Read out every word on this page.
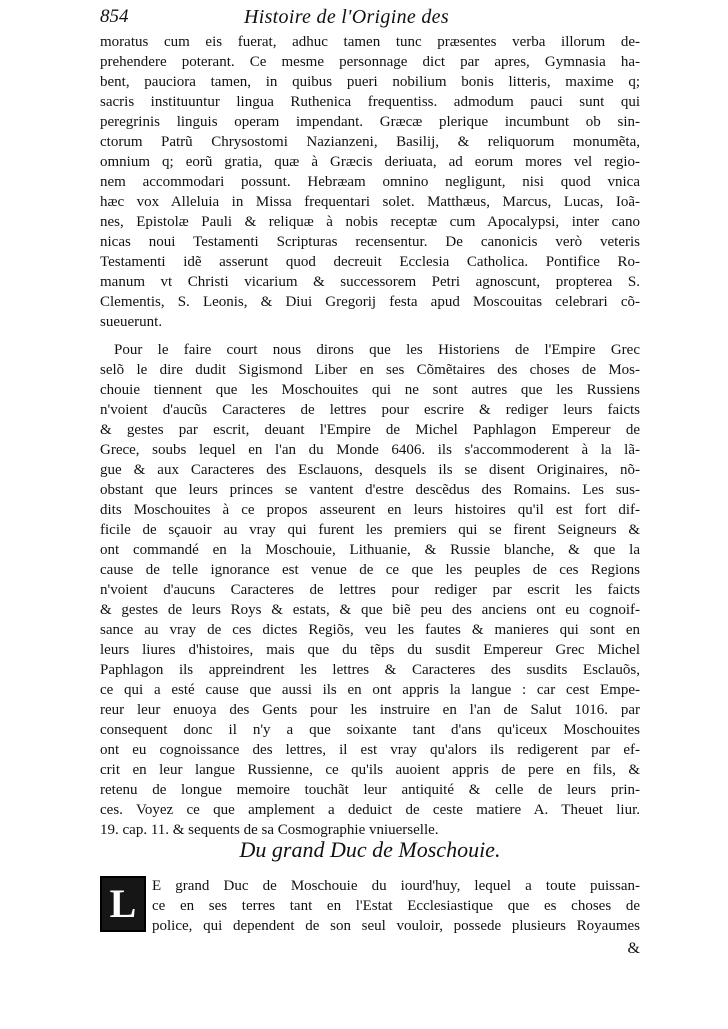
854	Histoire de l'Origine des
moratus cum eis fuerat, adhuc tamen tunc præsentes verba illorum de-
prehendere poterant. Ce mesme personnage dict par apres, Gymnasia ha-
bent, pauciora tamen, in quibus pueri nobilium bonis litteris, maxime q;
sacris instituuntur lingua Ruthenica frequentiss. admodum pauci sunt qui
peregrinis linguis operam impendant. Græcæ plerique incumbunt ob sin-
ctorum Patrũ Chrysostomi Nazianzeni, Basilij, & reliquorum monumẽta,
omnium q; eorũ gratia, quæ à Græcis deriuata, ad eorum mores vel regio-
nem accommodari possunt. Hebræam omnino negligunt, nisi quod vnica
hæc vox Alleluia in Missa frequentari solet. Matthæus, Marcus, Lucas, Ioã-
nes, Epistolæ Pauli & reliquæ à nobis receptæ cum Apocalypsi, inter cano
nicas noui Testamenti Scripturas recensentur. De canonicis verò veteris
Testamenti idẽ asserunt quod decreuit Ecclesia Catholica. Pontifice Ro-
manum vt Christi vicarium & successorem Petri agnoscunt, propterea S.
Clementis, S. Leonis, & Diui Gregorij festa apud Moscouitas celebrari cõ-
sueuerunt.
Pour le faire court nous dirons que les Historiens de l'Empire Grec
selõ le dire dudit Sigismond Liber en ses Cõmẽtaires des choses de Mos-
chouie tiennent que les Moschouites qui ne sont autres que les Russiens
n'voient d'aucũs Caracteres de lettres pour escrire & rediger leurs faicts
& gestes par escrit, deuant l'Empire de Michel Paphlagon Empereur de
Grece, soubs lequel en l'an du Monde 6406. ils s'accommoderent à la lã-
gue & aux Caracteres des Esclauons, desquels ils se disent Originaires, nõ-
obstant que leurs princes se vantent d'estre descẽdus des Romains. Les sus-
dits Moschouites à ce propos asseurent en leurs histoires qu'il est fort dif-
ficile de sçauoir au vray qui furent les premiers qui se firent Seigneurs &
ont commandé en la Moschouie, Lithuanie, & Russie blanche, & que la
cause de telle ignorance est venue de ce que les peuples de ces Regions
n'voient d'aucuns Caracteres de lettres pour rediger par escrit les faicts
& gestes de leurs Roys & estats, & que biẽ peu des anciens ont eu cognoif-
sance au vray de ces dictes Regiõs, veu les fautes & manieres qui sont en
leurs liures d'histoires, mais que du tẽps du susdit Empereur Grec Michel
Paphlagon ils appreindrent les lettres & Caracteres des susdits Esclauõs,
ce qui a esté cause que aussi ils en ont appris la langue : car cest Empe-
reur leur enuoya des Gents pour les instruire en l'an de Salut 1016. par
consequent donc il n'y a que soixante tant d'ans qu'iceux Moschouites
ont eu cognoissance des lettres, il est vray qu'alors ils redigerent par ef-
crit en leur langue Russienne, ce qu'ils auoient appris de pere en fils, &
retenu de longue memoire touchãt leur antiquité & celle de leurs prin-
ces. Voyez ce que amplement a deduict de ceste matiere A. Theuet liur.
19. cap. 11. & sequents de sa Cosmographie vniuerselle.
Du grand Duc de Moschouie.
L	E grand Duc de Moschouie du iourd'huy, lequel a toute puissan-
ce en ses terres tant en l'Estat Ecclesiastique que es choses de
police, qui dependent de son seul vouloir, possede plusieurs Royaumes
&
